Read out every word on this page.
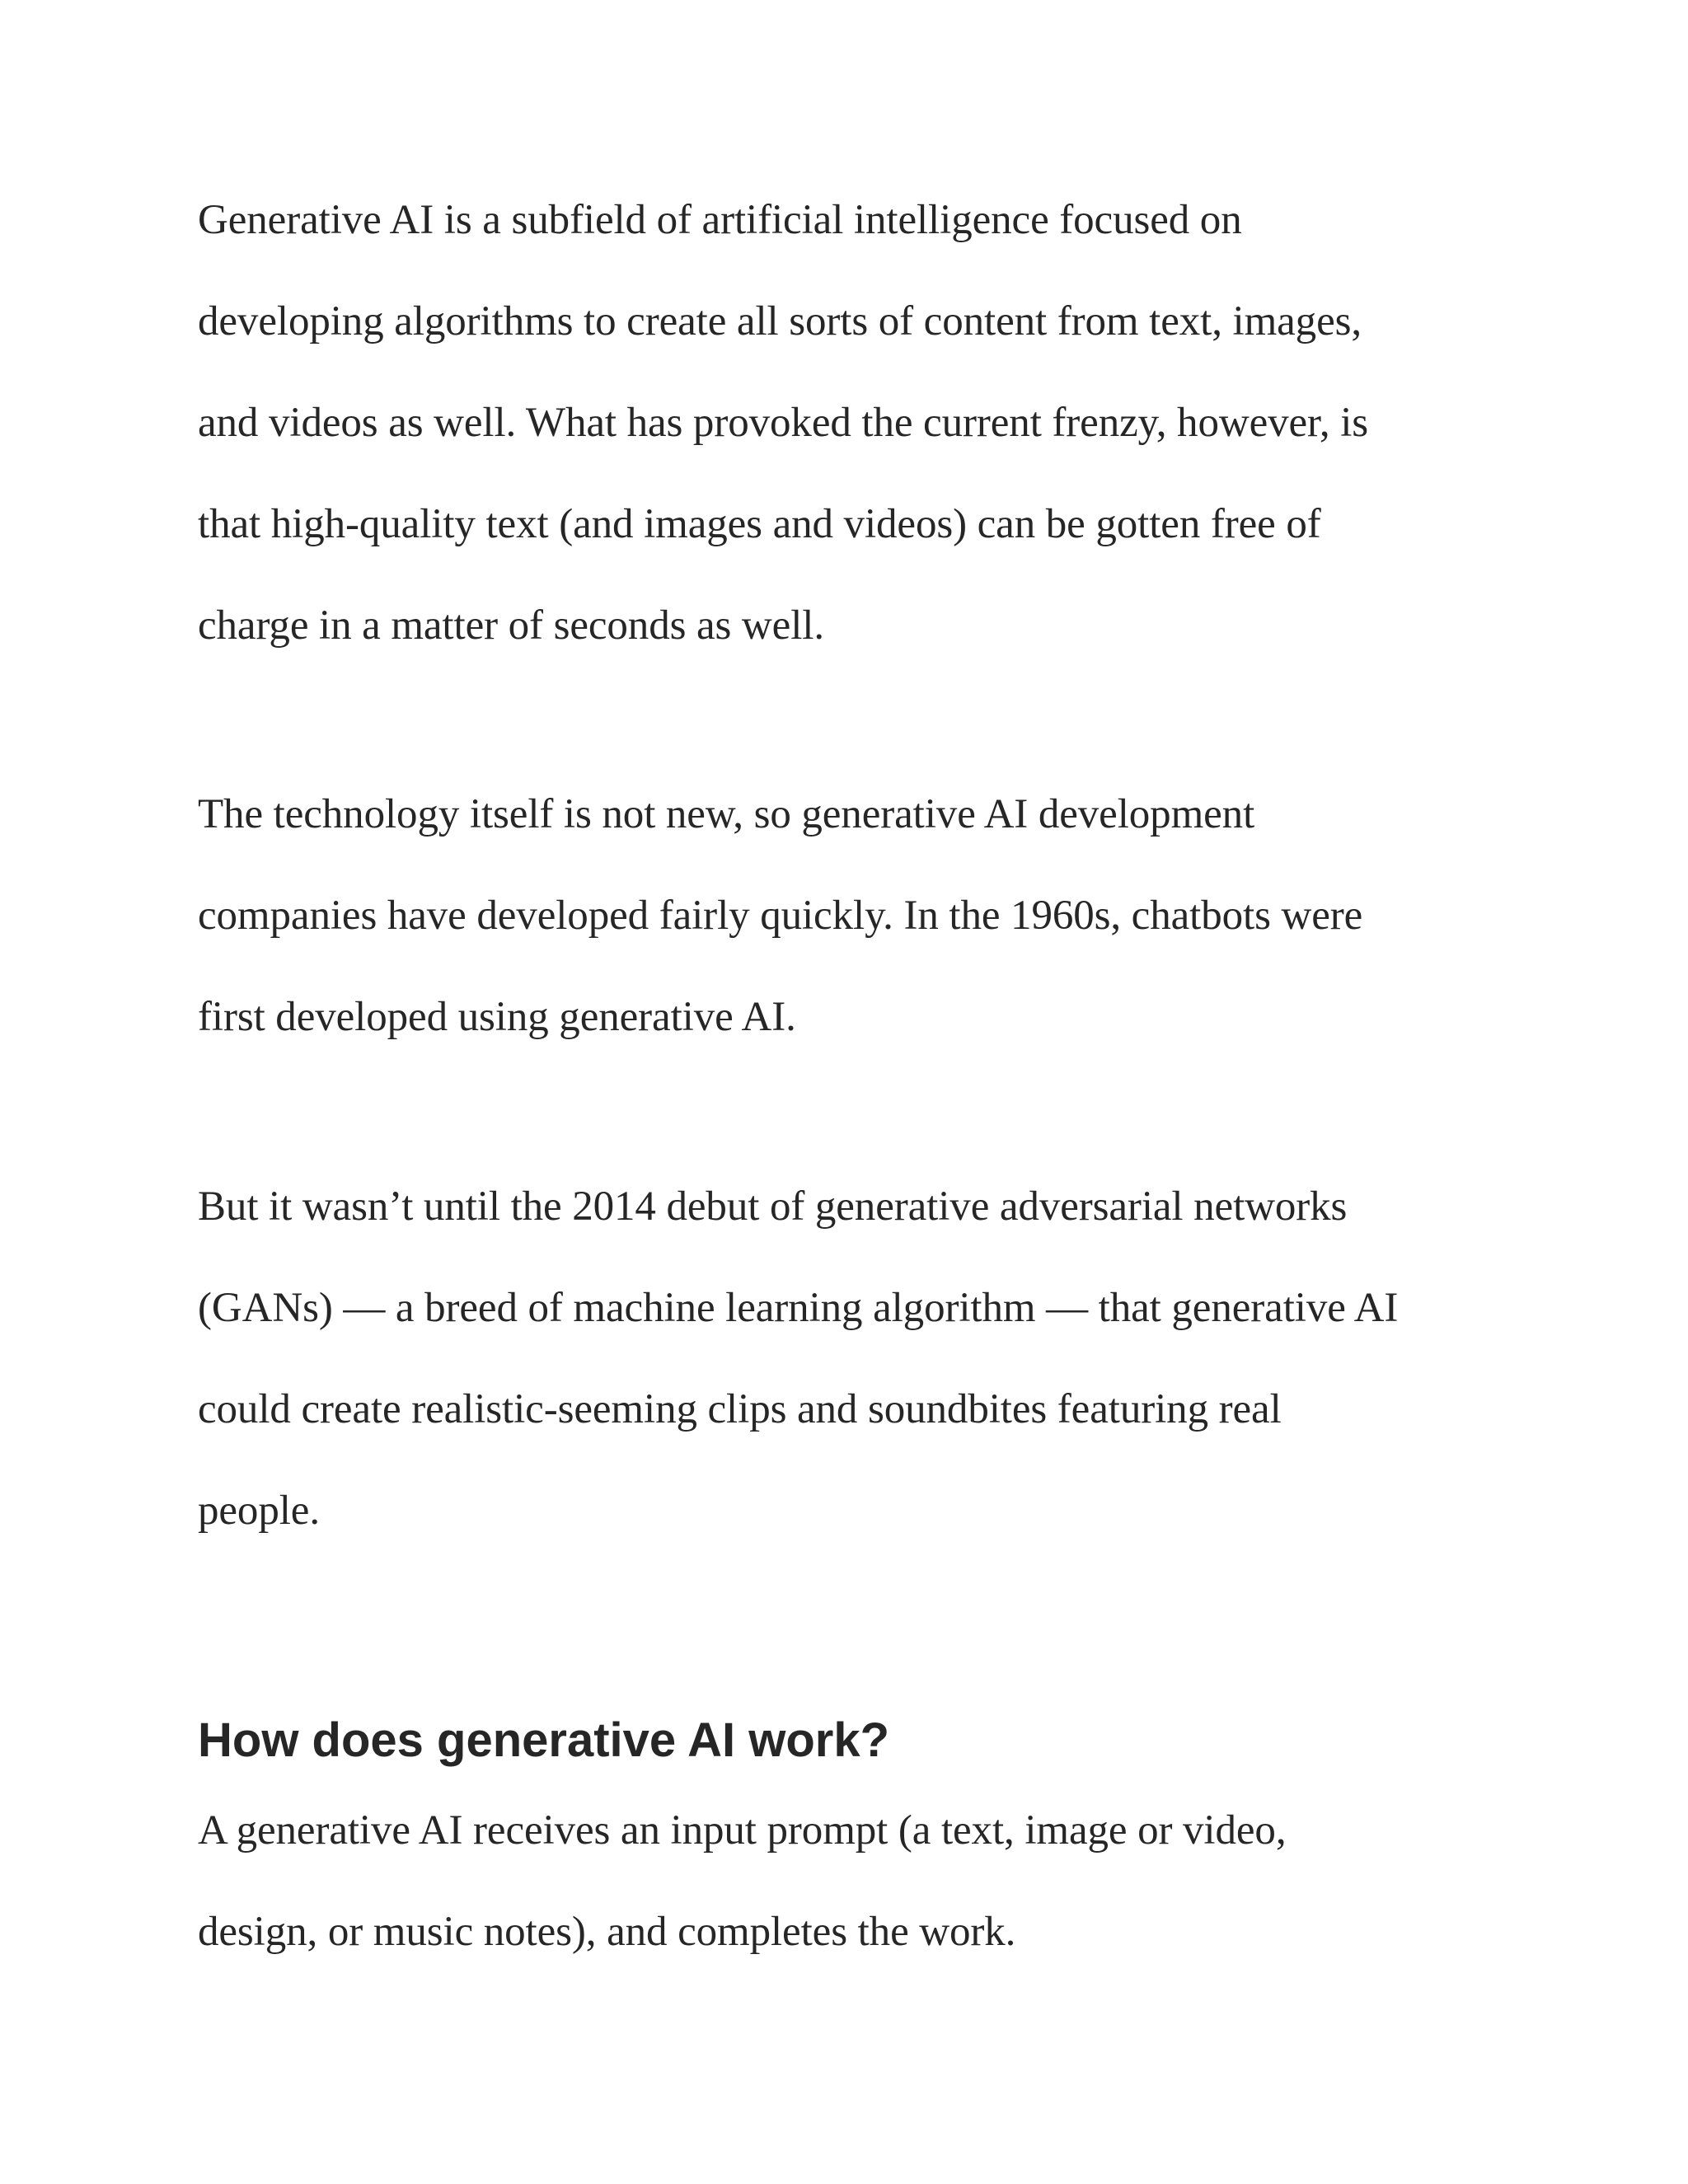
Generative AI is a subfield of artificial intelligence focused on

developing algorithms to create all sorts of content from text, images,

and videos as well. What has provoked the current frenzy, however, is

that high-quality text (and images and videos) can be gotten free of

charge in a matter of seconds as well.

The technology itself is not new, so generative AI development

companies have developed fairly quickly. In the 1960s, chatbots were

first developed using generative AI.

But it wasn’t until the 2014 debut of generative adversarial networks

(GANs) — a breed of machine learning algorithm — that generative AI

could create realistic-seeming clips and soundbites featuring real

people.

How does generative AI work?

A generative AI receives an input prompt (a text, image or video,

design, or music notes), and completes the work.
